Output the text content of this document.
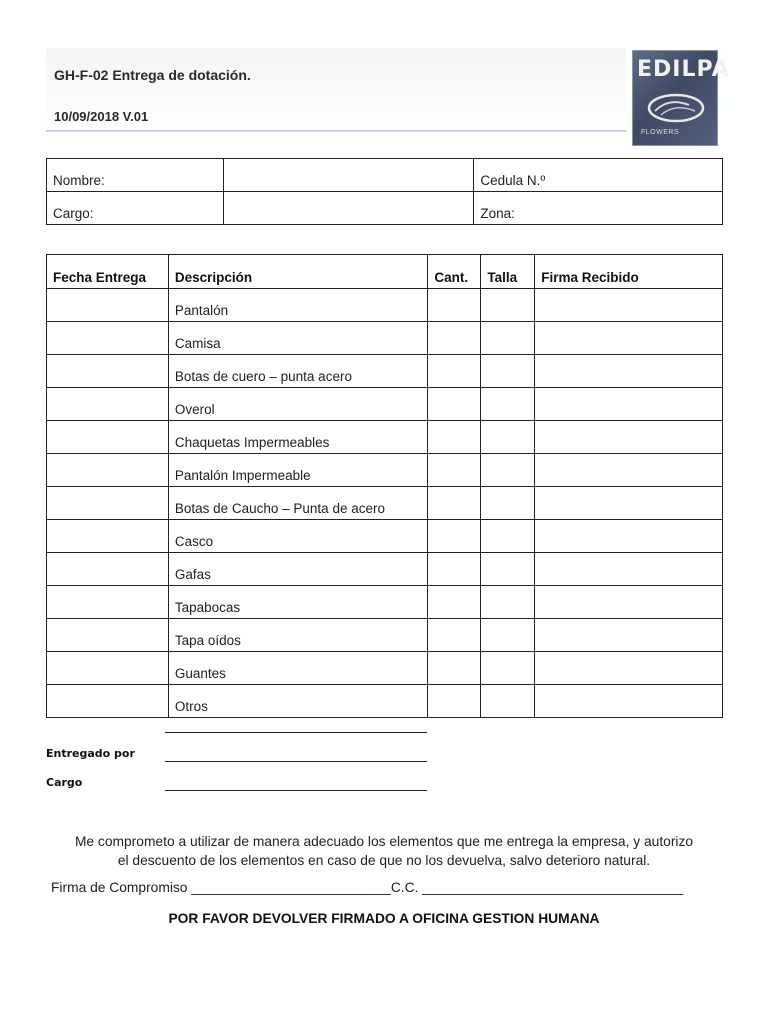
GH-F-02 Entrega de dotación.
10/09/2018 V.01
EDILPA
FLOWERS
Nombre:		Cedula N.º
Cargo:		Zona:
Fecha Entrega	Descripción	Cant.	Talla	Firma Recibido
	Pantalón			
	Camisa			
	Botas de cuero – punta acero			
	Overol			
	Chaquetas Impermeables			
	Pantalón Impermeable			
	Botas de Caucho – Punta de acero			
	Casco			
	Gafas			
	Tapabocas			
	Tapa oídos			
	Guantes			
	Otros			
Entregado por
Cargo
Me comprometo a utilizar de manera adecuado los elementos que me entrega la empresa, y autorizo
el descuento de los elementos en caso de que no los devuelva, salvo deterioro natural.
Firma de Compromiso __________________________C.C. __________________________________
POR FAVOR DEVOLVER FIRMADO A OFICINA GESTION HUMANA
